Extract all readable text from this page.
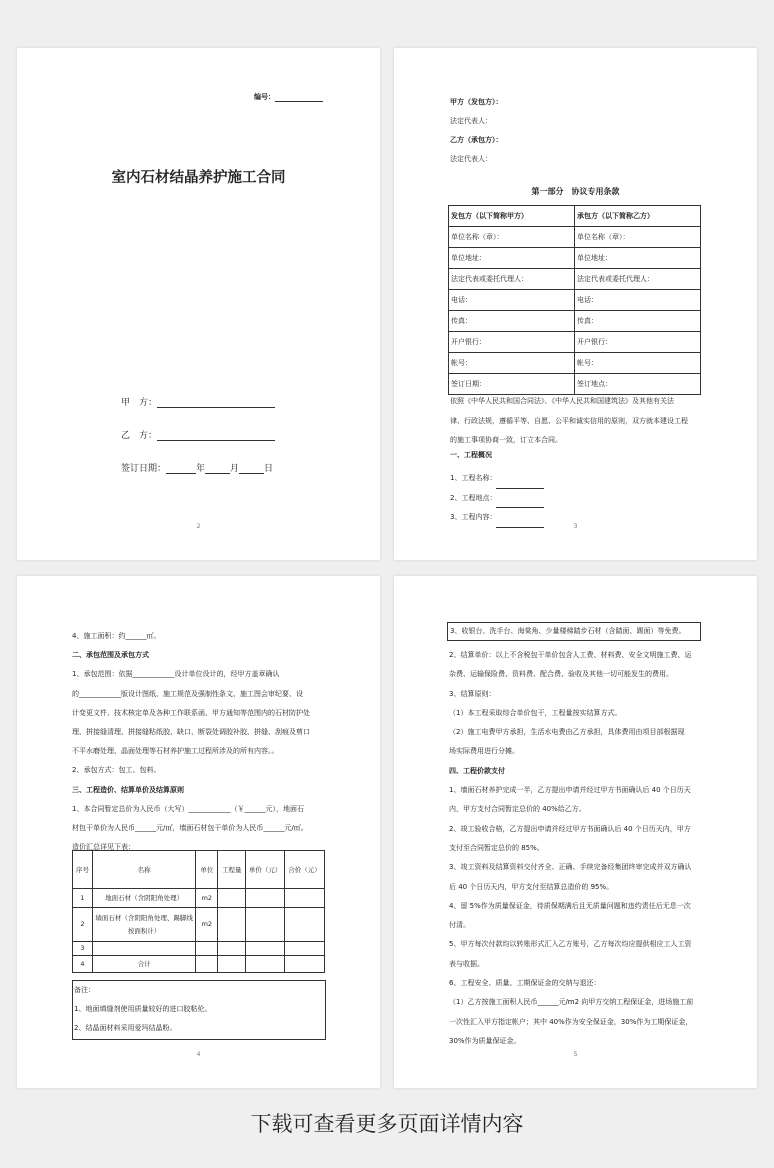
编号：
室内石材结晶养护施工合同
甲　方：
乙　方：
签订日期：	年	月	日
2
甲方（发包方）：
法定代表人：
乙方（承包方）：
法定代表人：
第一部分　协议专用条款
发包方（以下简称甲方）	承包方（以下简称乙方）
单位名称（章）：	单位名称（章）：
单位地址：	单位地址：
法定代表或委托代理人：	法定代表或委托代理人：
电话：	电话：
传真：	传真：
开户银行：	开户银行：
帐号：	帐号：
签订日期：	签订地点：
依照《中华人民共和国合同法》、《中华人民共和国建筑法》及其他有关法
律、行政法规，遵循平等、自愿、公平和诚实信用的原则，双方就本建设工程
的施工事项协商一致，订立本合同。
一、工程概况
1、工程名称：
2、工程地点：
3、工程内容：
3
4、施工面积：约______㎡。
二、承包范围及承包方式
1、承包范围：依据____________设计单位设计的，经甲方盖章确认
的____________版设计图纸、施工规范及强制性条文、施工图会审纪要、设
计变更文件、技术核定单及各种工作联系函、甲方通知等范围内的石材防护处
理、拼接缝清理、拼接缝粘纸胶、缺口、断裂处调胶补胶、拼缝、刮痕及剪口
不平水磨处理、晶面处理等石材养护施工过程所涉及的所有内容。。
2、承包方式：包工、包料。
三、工程造价、结算单价及结算原则
1、本合同暂定总价为人民币（大写）____________（￥______元），地面石
材包干单价为人民币______元/㎡，墙面石材包干单价为人民币______元/㎡。
造价汇总详见下表：
序号	名称	单位	工程量	单价（元）	合价（元）
1	地面石材（含阴阳角处理）	m2			
2	墙面石材（含阴阳角处理、踢脚线按面积计）	m2			
3					
4	合计				
备注：
1、地面填缝剂使用质量较好的进口胶粘伦。
2、结晶面材料采用爱玛结晶粉。
4
3、收银台、洗手台、海棠角、少量楼梯踏步石材（含踏面、踢面）等免费。
2、结算单价：以上不含税包干单价包含人工费、材料费、安全文明施工费、运
杂费、运输保险费、资料费、配合费、验收及其他一切可能发生的费用。
3、结算原则：
（1）本工程采取综合单价包干，工程量按实结算方式。
（2）施工电费甲方承担，生活水电费由乙方承担，具体费用由项目部根据现
场实际费用进行分摊。
四、工程价款支付
1、墙面石材养护完成一半，乙方提出申请并经过甲方书面确认后 40 个日历天
内，甲方支付合同暂定总价的 40%给乙方。
2、竣工验收合格，乙方提出申请并经过甲方书面确认后 40 个日历天内，甲方
支付至合同暂定总价的 85%。
3、竣工资料及结算资料交付齐全、正确、手续完备经集团终审完成并双方确认
后 40 个日历天内，甲方支付至结算总造价的 95%。
4、留 5%作为质量保证金，待质保期满后且无质量问题和违约责任后无息一次
付清。
5、甲方每次付款均以转账形式汇入乙方账号，乙方每次均应提供相应工人工资
表与收据。
6、工程安全、质量、工期保证金的交纳与退还：
（1）乙方按施工面积人民币______元/m2 向甲方交纳工程保证金，进场施工前
一次性汇入甲方指定帐户；其中 40%作为安全保证金，30%作为工期保证金，
30%作为质量保证金。
5
下载可查看更多页面详情内容
